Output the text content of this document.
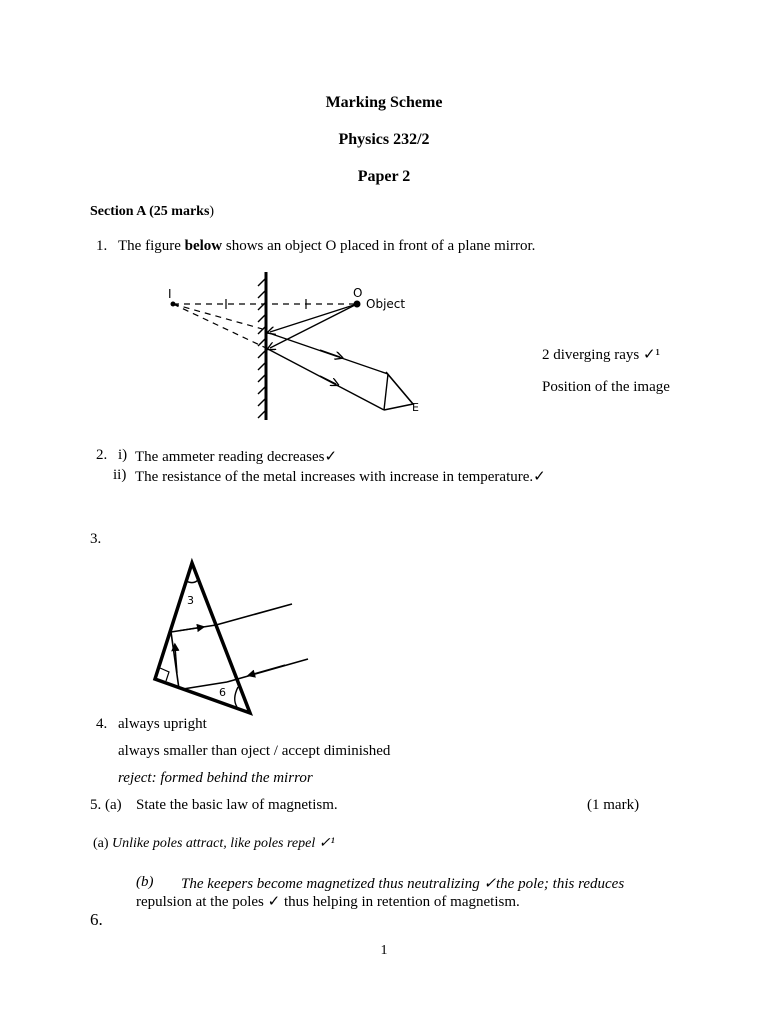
Marking Scheme
Physics 232/2
Paper 2
Section A (25 marks)
1. The figure below shows an object O placed in front of a plane mirror.
I	O
Object
E
2 diverging rays ✓¹
Position of the image
2. i) The ammeter reading decreases✓
ii) The resistance of the metal increases with increase in temperature.✓
3.
3
6
4. always upright
always smaller than oject / accept diminished
reject: formed behind the mirror
5. (a) State the basic law of magnetism.	(1 mark)
(a) Unlike poles attract, like poles repel ✓¹
(b) The keepers become magnetized thus neutralizing ✓the pole; this reduces
repulsion at the poles ✓ thus helping in retention of magnetism.
6.
1
